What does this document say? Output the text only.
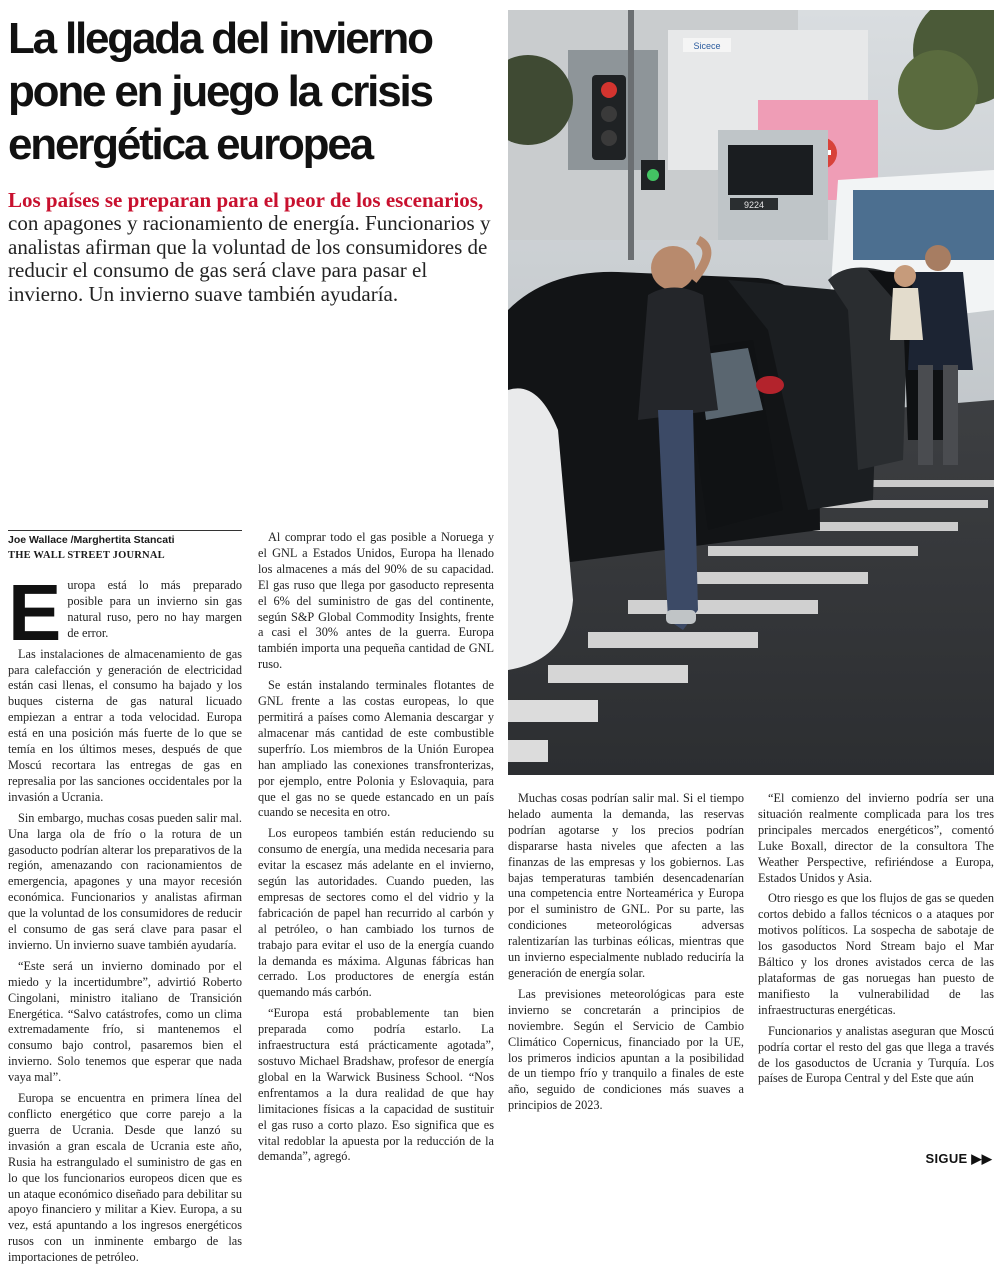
La llegada del invierno pone en juego la crisis energética europea

Los países se preparan para el peor de los escenarios, con apagones y racionamiento de energía. Funcionarios y analistas afirman que la voluntad de los consumidores de reducir el consumo de gas será clave para pasar el invierno. Un invierno suave también ayudaría.

9224
Sicece
Joe Wallace /Marghertita Stancati
THE WALL STREET JOURNAL

Europa está lo más preparado posible para un invierno sin gas natural ruso, pero no hay margen de error.

Las instalaciones de almacenamiento de gas para calefacción y generación de electricidad están casi llenas, el consumo ha bajado y los buques cisterna de gas natural licuado empiezan a entrar a toda velocidad. Europa está en una posición más fuerte de lo que se temía en los últimos meses, después de que Moscú recortara las entregas de gas en represalia por las sanciones occidentales por la invasión a Ucrania.

Sin embargo, muchas cosas pueden salir mal. Una larga ola de frío o la rotura de un gasoducto podrían alterar los preparativos de la región, amenazando con racionamientos de emergencia, apagones y una mayor recesión económica. Funcionarios y analistas afirman que la voluntad de los consumidores de reducir el consumo de gas será clave para pasar el invierno. Un invierno suave también ayudaría.

“Este será un invierno dominado por el miedo y la incertidumbre”, advirtió Roberto Cingolani, ministro italiano de Transición Energética. “Salvo catástrofes, como un clima extremadamente frío, si mantenemos el consumo bajo control, pasaremos bien el invierno. Solo tenemos que esperar que nada vaya mal”.

Europa se encuentra en primera línea del conflicto energético que corre parejo a la guerra de Ucrania. Desde que lanzó su invasión a gran escala de Ucrania este año, Rusia ha estrangulado el suministro de gas en lo que los funcionarios europeos dicen que es un ataque económico diseñado para debilitar su apoyo financiero y militar a Kiev. Europa, a su vez, está apuntando a los ingresos energéticos rusos con un inminente embargo de las importaciones de petróleo.

Al comprar todo el gas posible a Noruega y el GNL a Estados Unidos, Europa ha llenado los almacenes a más del 90% de su capacidad. El gas ruso que llega por gasoducto representa el 6% del suministro de gas del continente, según S&P Global Commodity Insights, frente a casi el 30% antes de la guerra. Europa también importa una pequeña cantidad de GNL ruso.

Se están instalando terminales flotantes de GNL frente a las costas europeas, lo que permitirá a países como Alemania descargar y almacenar más cantidad de este combustible superfrío. Los miembros de la Unión Europea han ampliado las conexiones transfronterizas, por ejemplo, entre Polonia y Eslovaquia, para que el gas no se quede estancado en un país cuando se necesita en otro.

Los europeos también están reduciendo su consumo de energía, una medida necesaria para evitar la escasez más adelante en el invierno, según las autoridades. Cuando pueden, las empresas de sectores como el del vidrio y la fabricación de papel han recurrido al carbón y al petróleo, o han cambiado los turnos de trabajo para evitar el uso de la energía cuando la demanda es máxima. Algunas fábricas han cerrado. Los productores de energía están quemando más carbón.

“Europa está probablemente tan bien preparada como podría estarlo. La infraestructura está prácticamente agotada”, sostuvo Michael Bradshaw, profesor de energía global en la Warwick Business School. “Nos enfrentamos a la dura realidad de que hay limitaciones físicas a la capacidad de sustituir el gas ruso a corto plazo. Eso significa que es vital redoblar la apuesta por la reducción de la demanda”, agregó.

Muchas cosas podrían salir mal. Si el tiempo helado aumenta la demanda, las reservas podrían agotarse y los precios podrían dispararse hasta niveles que afecten a las finanzas de las empresas y los gobiernos. Las bajas temperaturas también desencadenarían una competencia entre Norteamérica y Europa por el suministro de GNL. Por su parte, las condiciones meteorológicas adversas ralentizarían las turbinas eólicas, mientras que un invierno especialmente nublado reduciría la generación de energía solar.

Las previsiones meteorológicas para este invierno se concretarán a principios de noviembre. Según el Servicio de Cambio Climático Copernicus, financiado por la UE, los primeros indicios apuntan a la posibilidad de un tiempo frío y tranquilo a finales de este año, seguido de condiciones más suaves a principios de 2023.

“El comienzo del invierno podría ser una situación realmente complicada para los tres principales mercados energéticos”, comentó Luke Boxall, director de la consultora The Weather Perspective, refiriéndose a Europa, Estados Unidos y Asia.

Otro riesgo es que los flujos de gas se queden cortos debido a fallos técnicos o a ataques por motivos políticos. La sospecha de sabotaje de los gasoductos Nord Stream bajo el Mar Báltico y los drones avistados cerca de las plataformas de gas noruegas han puesto de manifiesto la vulnerabilidad de las infraestructuras energéticas.

Funcionarios y analistas aseguran que Moscú podría cortar el resto del gas que llega a través de los gasoductos de Ucrania y Turquía. Los países de Europa Central y del Este que aún

SIGUE ▶▶
